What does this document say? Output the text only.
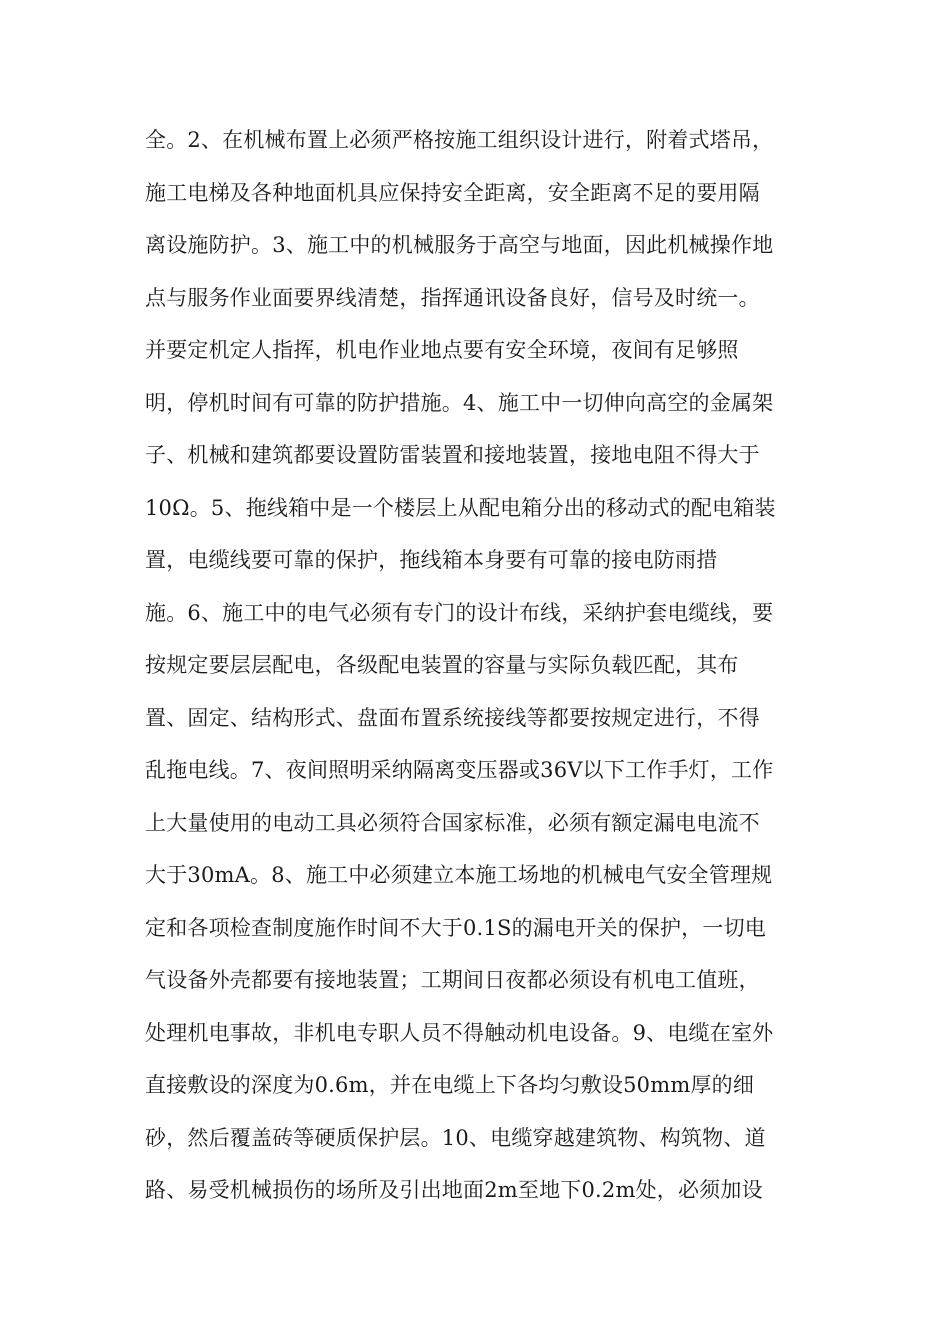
全。2、在机械布置上必须严格按施工组织设计进行，附着式塔吊，
施工电梯及各种地面机具应保持安全距离，安全距离不足的要用隔
离设施防护。3、施工中的机械服务于高空与地面，因此机械操作地
点与服务作业面要界线清楚，指挥通讯设备良好，信号及时统一。
并要定机定人指挥，机电作业地点要有安全环境，夜间有足够照
明，停机时间有可靠的防护措施。4、施工中一切伸向高空的金属架
子、机械和建筑都要设置防雷装置和接地装置，接地电阻不得大于
10Ω。5、拖线箱中是一个楼层上从配电箱分出的移动式的配电箱装
置，电缆线要可靠的保护，拖线箱本身要有可靠的接电防雨措
施。6、施工中的电气必须有专门的设计布线，采纳护套电缆线，要
按规定要层层配电，各级配电装置的容量与实际负载匹配，其布
置、固定、结构形式、盘面布置系统接线等都要按规定进行，不得
乱拖电线。7、夜间照明采纳隔离变压器或36V以下工作手灯，工作
上大量使用的电动工具必须符合国家标准，必须有额定漏电电流不
大于30mA。8、施工中必须建立本施工场地的机械电气安全管理规
定和各项检查制度施作时间不大于0.1S的漏电开关的保护，一切电
气设备外壳都要有接地装置；工期间日夜都必须设有机电工值班，
处理机电事故，非机电专职人员不得触动机电设备。9、电缆在室外
直接敷设的深度为0.6m，并在电缆上下各均匀敷设50mm厚的细
砂，然后覆盖砖等硬质保护层。10、电缆穿越建筑物、构筑物、道
路、易受机械损伤的场所及引出地面2m至地下0.2m处，必须加设
